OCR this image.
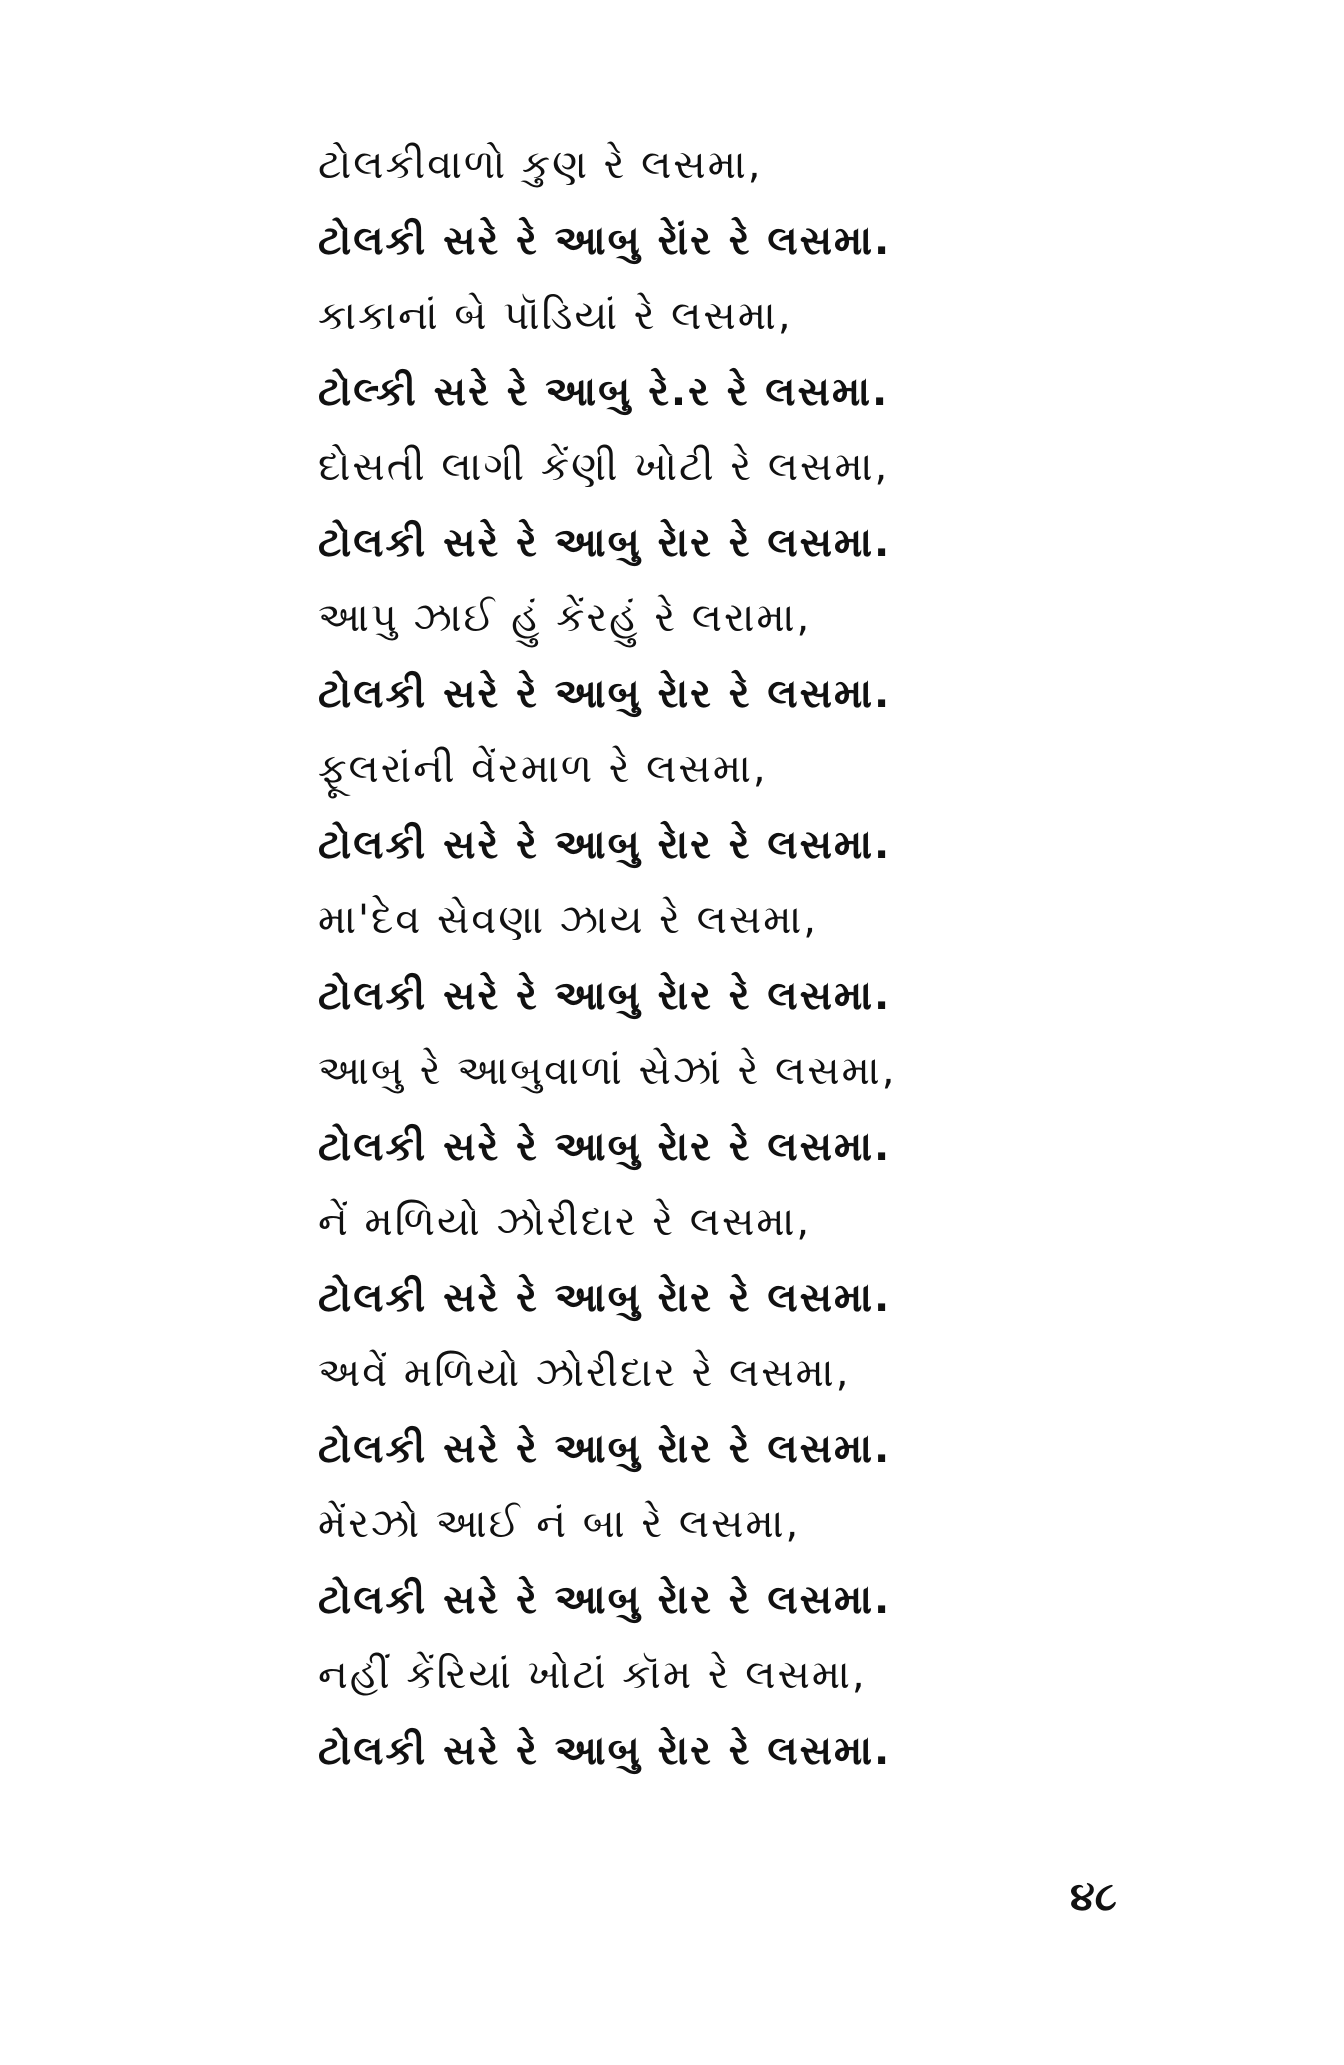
ટોલકીવાળો કુણ રે લસમા,
ટોલકી સરે રે આબુ રેાંર રે લસમા.
કાકાનાં બે પૉડિયાં રે લસમા,
ટોલ્કી સરે રે આબુ રે.ર રે લસમા.
દોસતી લાગી કેંણી ખોટી રે લસમા,
ટોલકી સરે રે આબુ રેાર રે લસમા.
આપુ ઝાઈ હું કેંરહું રે લરામા,
ટોલકી સરે રે આબુ રેાર રે લસમા.
ફૂલરાંની વેંરમાળ રે લસમા,
ટોલકી સરે રે આબુ રેાર રે લસમા.
મા'દેવ સેવણા ઝાય રે લસમા,
ટોલકી સરે રે આબુ રેાર રે લસમા.
આબુ રે આબુવાળાં સેઝાં રે લસમા,
ટોલકી સરે રે આબુ રેાર રે લસમા.
નેં મળિયો ઝોરીદાર રે લસમા,
ટોલકી સરે રે આબુ રેાર રે લસમા.
અવેં મળિયો ઝોરીદાર રે લસમા,
ટોલકી સરે રે આબુ રેાર રે લસમા.
મેંરઝો આઈ નં બા રે લસમા,
ટોલકી સરે રે આબુ રેાર રે લસમા.
નહીં કેંરિયાં ખોટાં કૉમ રે લસમા,
ટોલકી સરે રે આબુ રેાર રે લસમા.
૪૮
